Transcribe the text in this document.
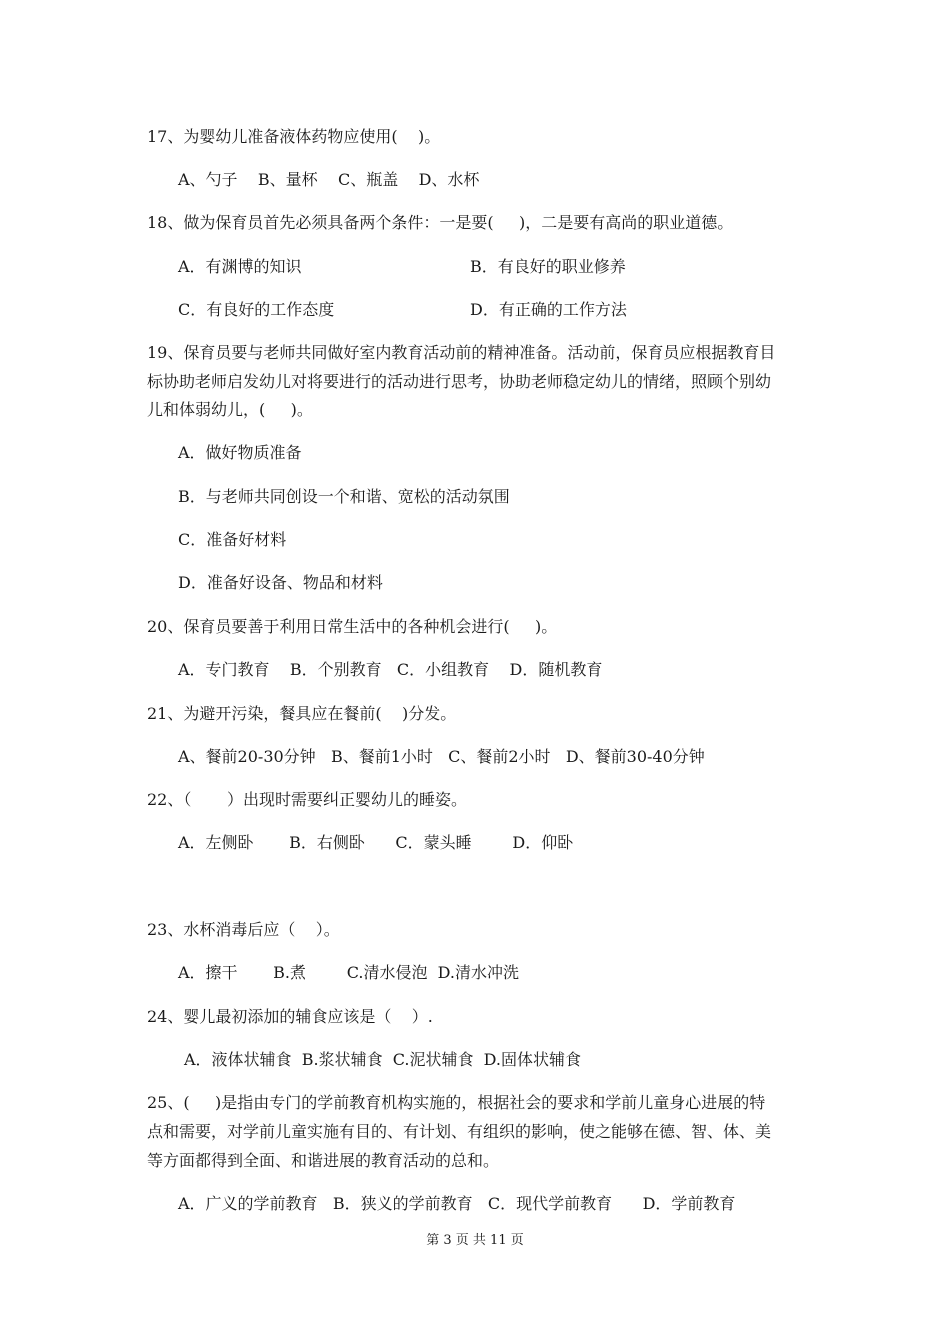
17、为婴幼儿准备液体药物应使用(    )。
A、勺子    B、量杯    C、瓶盖    D、水杯
18、做为保育员首先必须具备两个条件：一是要(     )，二是要有高尚的职业道德。
A．有渊博的知识	B．有良好的职业修养
C．有良好的工作态度	D．有正确的工作方法
19、保育员要与老师共同做好室内教育活动前的精神准备。活动前，保育员应根据教育目
标协助老师启发幼儿对将要进行的活动进行思考，协助老师稳定幼儿的情绪，照顾个别幼
儿和体弱幼儿，(     )。
A．做好物质准备
B．与老师共同创设一个和谐、宽松的活动氛围
C．准备好材料
D．准备好设备、物品和材料
20、保育员要善于利用日常生活中的各种机会进行(     )。
A．专门教育    B．个别教育   C．小组教育    D．随机教育
21、为避开污染，餐具应在餐前(    )分发。
A、餐前20-30分钟   B、餐前1小时   C、餐前2小时   D、餐前30-40分钟
22、（       ）出现时需要纠正婴幼儿的睡姿。
A．左侧卧       B．右侧卧      C．蒙头睡        D．仰卧
23、水杯消毒后应（    ）。
A．擦干       B.煮        C.清水侵泡  D.清水冲洗
24、婴儿最初添加的辅食应该是（    ）.
A．液体状辅食  B.浆状辅食  C.泥状辅食  D.固体状辅食
25、(     )是指由专门的学前教育机构实施的，根据社会的要求和学前儿童身心进展的特
点和需要，对学前儿童实施有目的、有计划、有组织的影响，使之能够在德、智、体、美
等方面都得到全面、和谐进展的教育活动的总和。
A．广义的学前教育   B．狭义的学前教育   C．现代学前教育      D．学前教育
第 3 页 共 11 页
